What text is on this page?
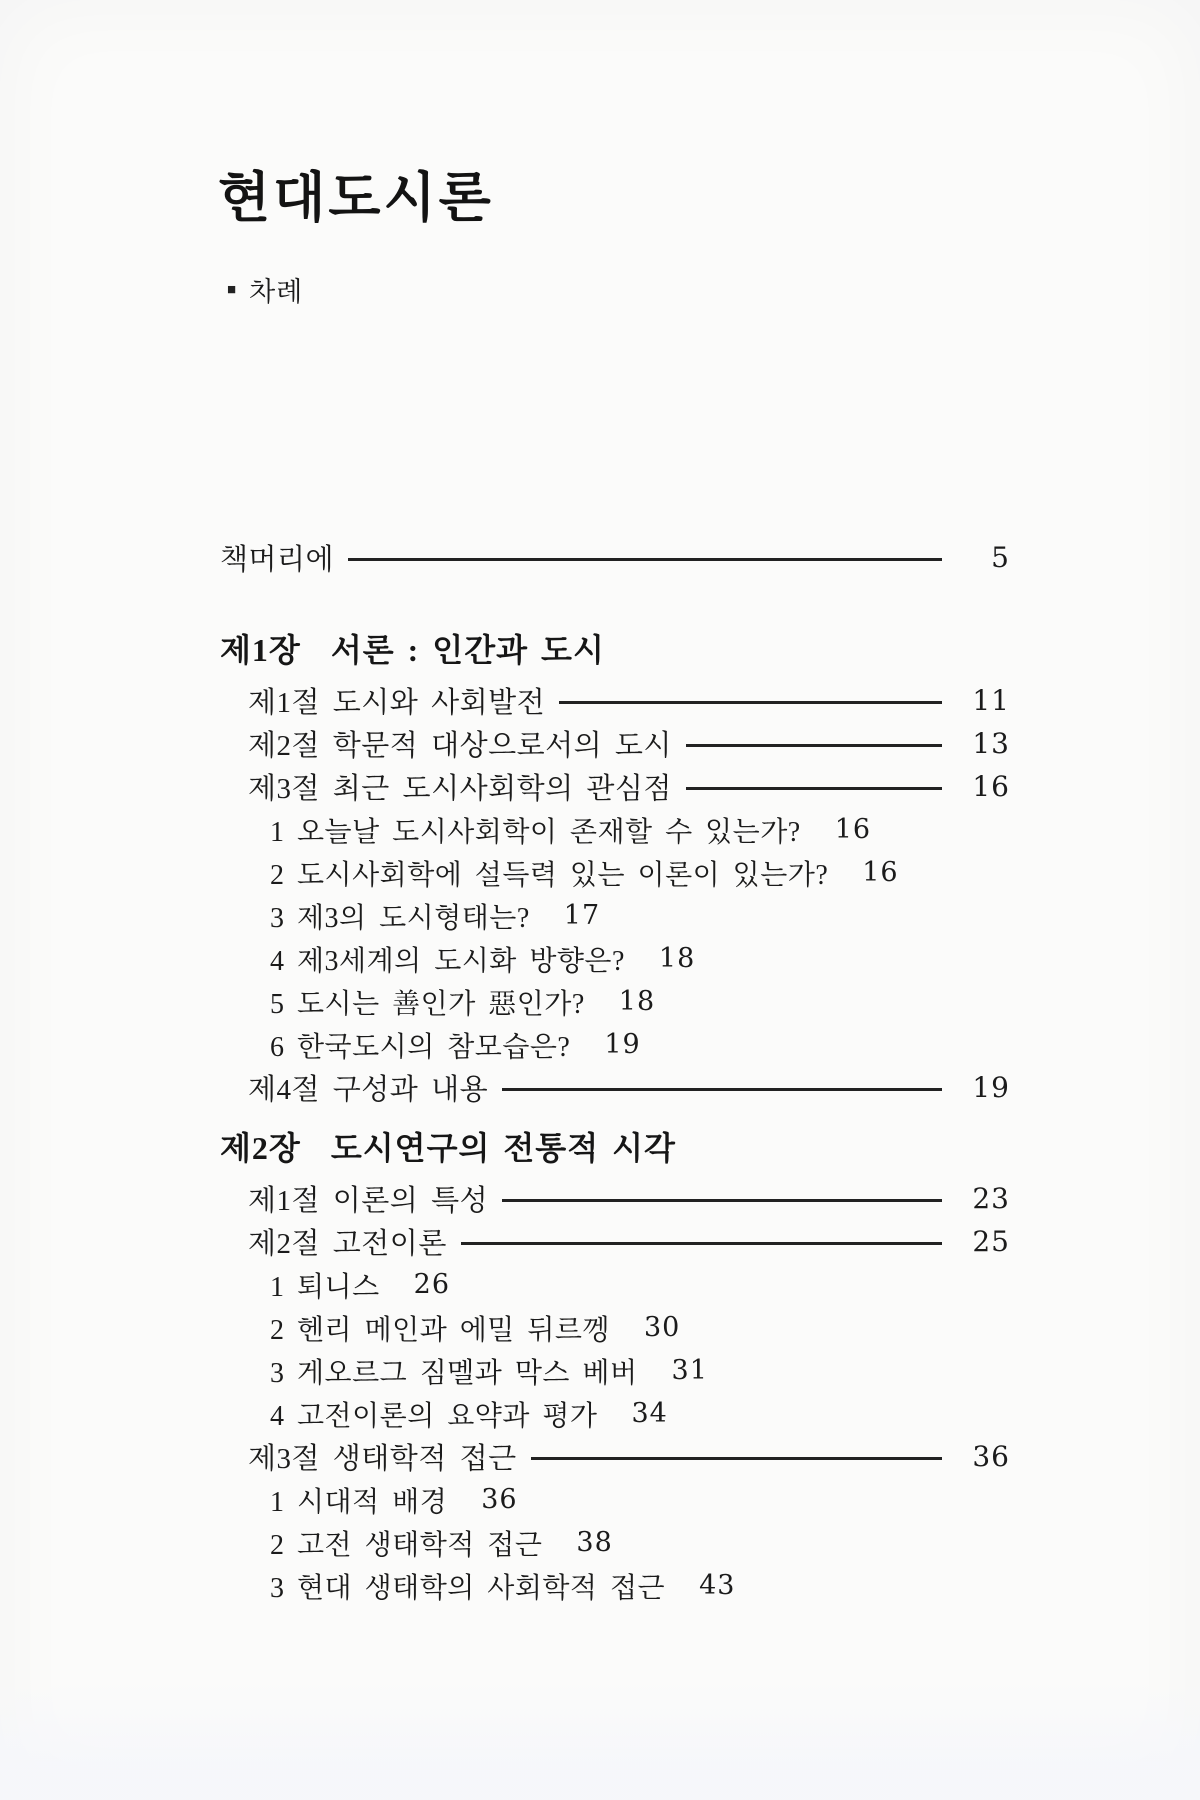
현대도시론
■ 차례
책머리에	5
제1장 서론 : 인간과 도시
제1절 도시와 사회발전	11
제2절 학문적 대상으로서의 도시	13
제3절 최근 도시사회학의 관심점	16
1 오늘날 도시사회학이 존재할 수 있는가? 16
2 도시사회학에 설득력 있는 이론이 있는가? 16
3 제3의 도시형태는? 17
4 제3세계의 도시화 방향은? 18
5 도시는 善인가 惡인가? 18
6 한국도시의 참모습은? 19
제4절 구성과 내용	19
제2장 도시연구의 전통적 시각
제1절 이론의 특성	23
제2절 고전이론	25
1 퇴니스 26
2 헨리 메인과 에밀 뒤르껭 30
3 게오르그 짐멜과 막스 베버 31
4 고전이론의 요약과 평가 34
제3절 생태학적 접근	36
1 시대적 배경 36
2 고전 생태학적 접근 38
3 현대 생태학의 사회학적 접근 43
